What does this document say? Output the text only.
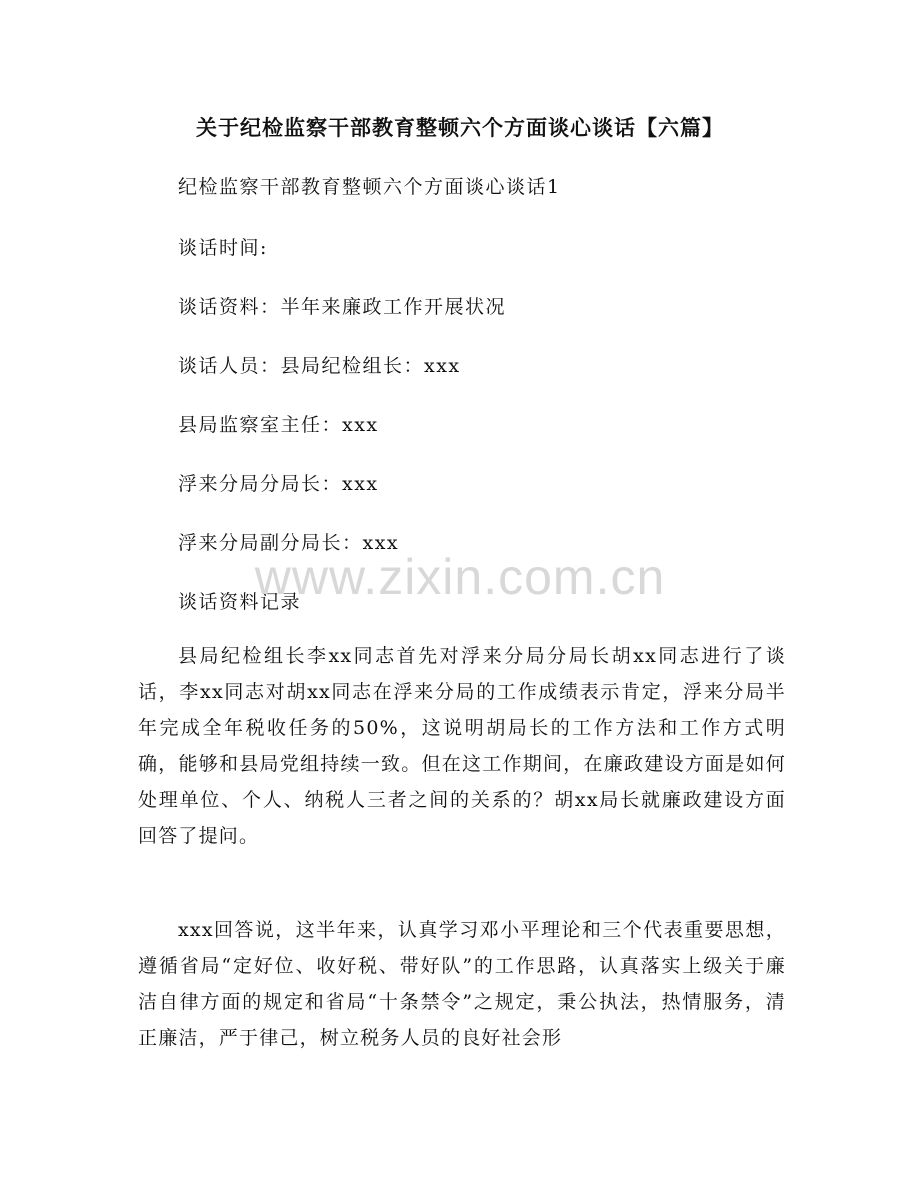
关于纪检监察干部教育整顿六个方面谈心谈话【六篇】

纪检监察干部教育整顿六个方面谈心谈话1

谈话时间:

谈话资料：半年来廉政工作开展状况

谈话人员：县局纪检组长：xxx

县局监察室主任：xxx

浮来分局分局长：xxx

浮来分局副分局长：xxx

谈话资料记录

县局纪检组长李xx同志首先对浮来分局分局长胡xx同志进行了谈话，李xx同志对胡xx同志在浮来分局的工作成绩表示肯定，浮来分局半年完成全年税收任务的50%，这说明胡局长的工作方法和工作方式明确，能够和县局党组持续一致。但在这工作期间，在廉政建设方面是如何处理单位、个人、纳税人三者之间的关系的？胡xx局长就廉政建设方面回答了提问。

xxx回答说，这半年来，认真学习邓小平理论和三个代表重要思想，遵循省局“定好位、收好税、带好队”的工作思路，认真落实上级关于廉洁自律方面的规定和省局“十条禁令”之规定，秉公执法，热情服务，清正廉洁，严于律己，树立税务人员的良好社会形

www.zixin.com.cn
